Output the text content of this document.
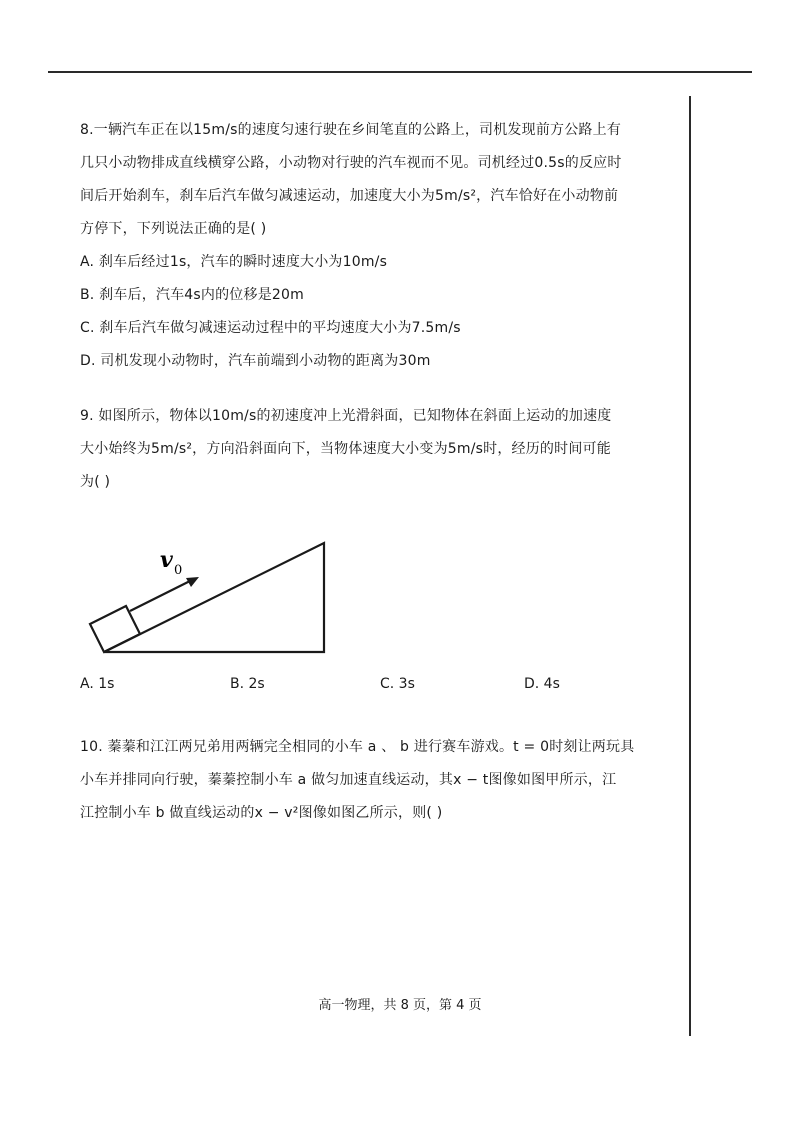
8.一辆汽车正在以15m/s的速度匀速行驶在乡间笔直的公路上，司机发现前方公路上有
几只小动物排成直线横穿公路，小动物对行驶的汽车视而不见。司机经过0.5s的反应时
间后开始刹车，刹车后汽车做匀减速运动，加速度大小为5m/s²，汽车恰好在小动物前
方停下，下列说法正确的是( )
A. 刹车后经过1s，汽车的瞬时速度大小为10m/s
B. 刹车后，汽车4s内的位移是20m
C. 刹车后汽车做匀减速运动过程中的平均速度大小为7.5m/s
D. 司机发现小动物时，汽车前端到小动物的距离为30m
9. 如图所示，物体以10m/s的初速度冲上光滑斜面，已知物体在斜面上运动的加速度
大小始终为5m/s²，方向沿斜面向下，当物体速度大小变为5m/s时，经历的时间可能
为( )
v 0
A. 1s	B. 2s	C. 3s	D. 4s
10. 蓁蓁和江江两兄弟用两辆完全相同的小车 a 、 b 进行赛车游戏。t = 0时刻让两玩具
小车并排同向行驶，蓁蓁控制小车 a 做匀加速直线运动，其x − t图像如图甲所示，江
江控制小车 b 做直线运动的x − v²图像如图乙所示，则( )
高一物理，共 8 页，第 4 页
